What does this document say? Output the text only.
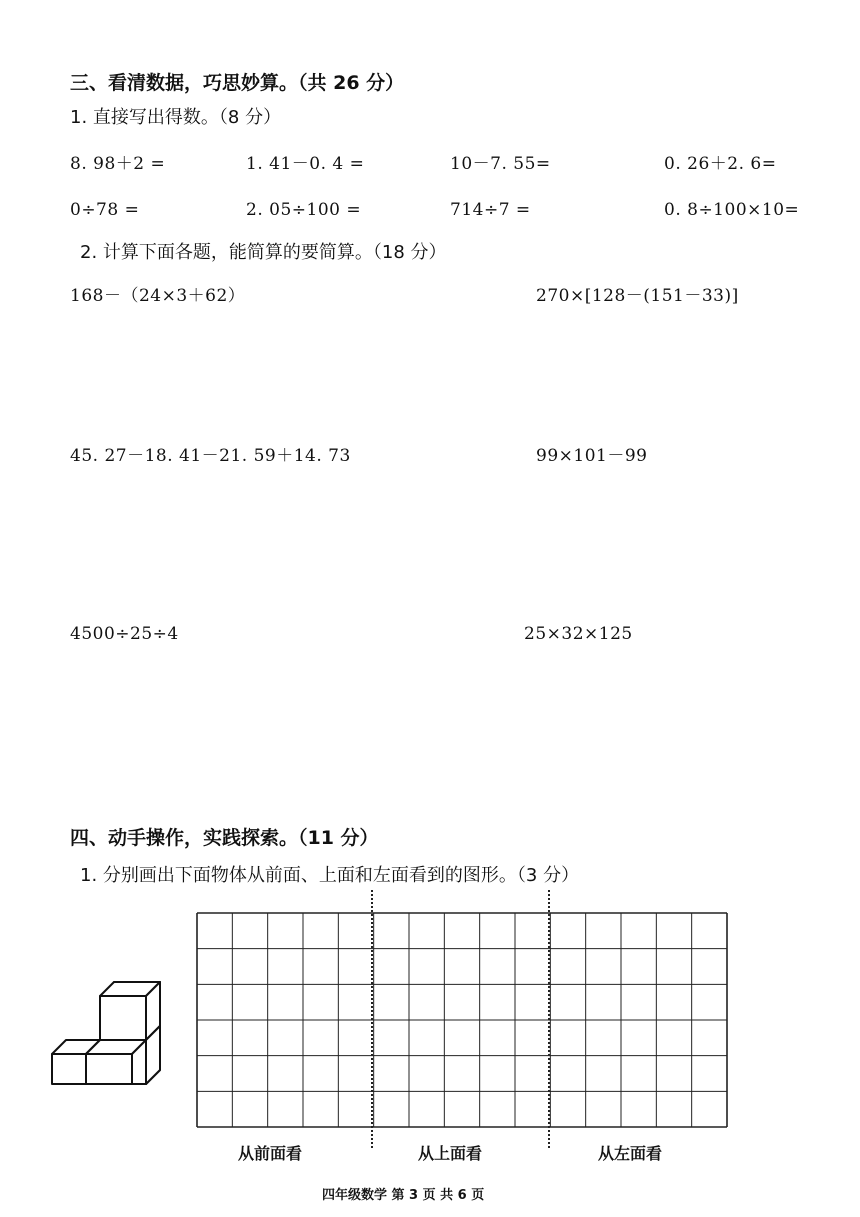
三、看清数据，巧思妙算。（共 26 分）
1. 直接写出得数。（8 分）
8. 98＋2 =	1. 41－0. 4 =	10－7. 55=	0. 26＋2. 6=
0÷78 =	2. 05÷100 =	714÷7 =	0. 8÷100×10=
2. 计算下面各题，能简算的要简算。（18 分）
168－（24×3＋62）	270×[128－(151－33)]
45. 27－18. 41－21. 59＋14. 73	99×101－99
4500÷25÷4	25×32×125
四、动手操作，实践探索。（11 分）
1. 分别画出下面物体从前面、上面和左面看到的图形。（3 分）
从前面看	从上面看	从左面看
四年级数学 第 3 页 共 6 页
